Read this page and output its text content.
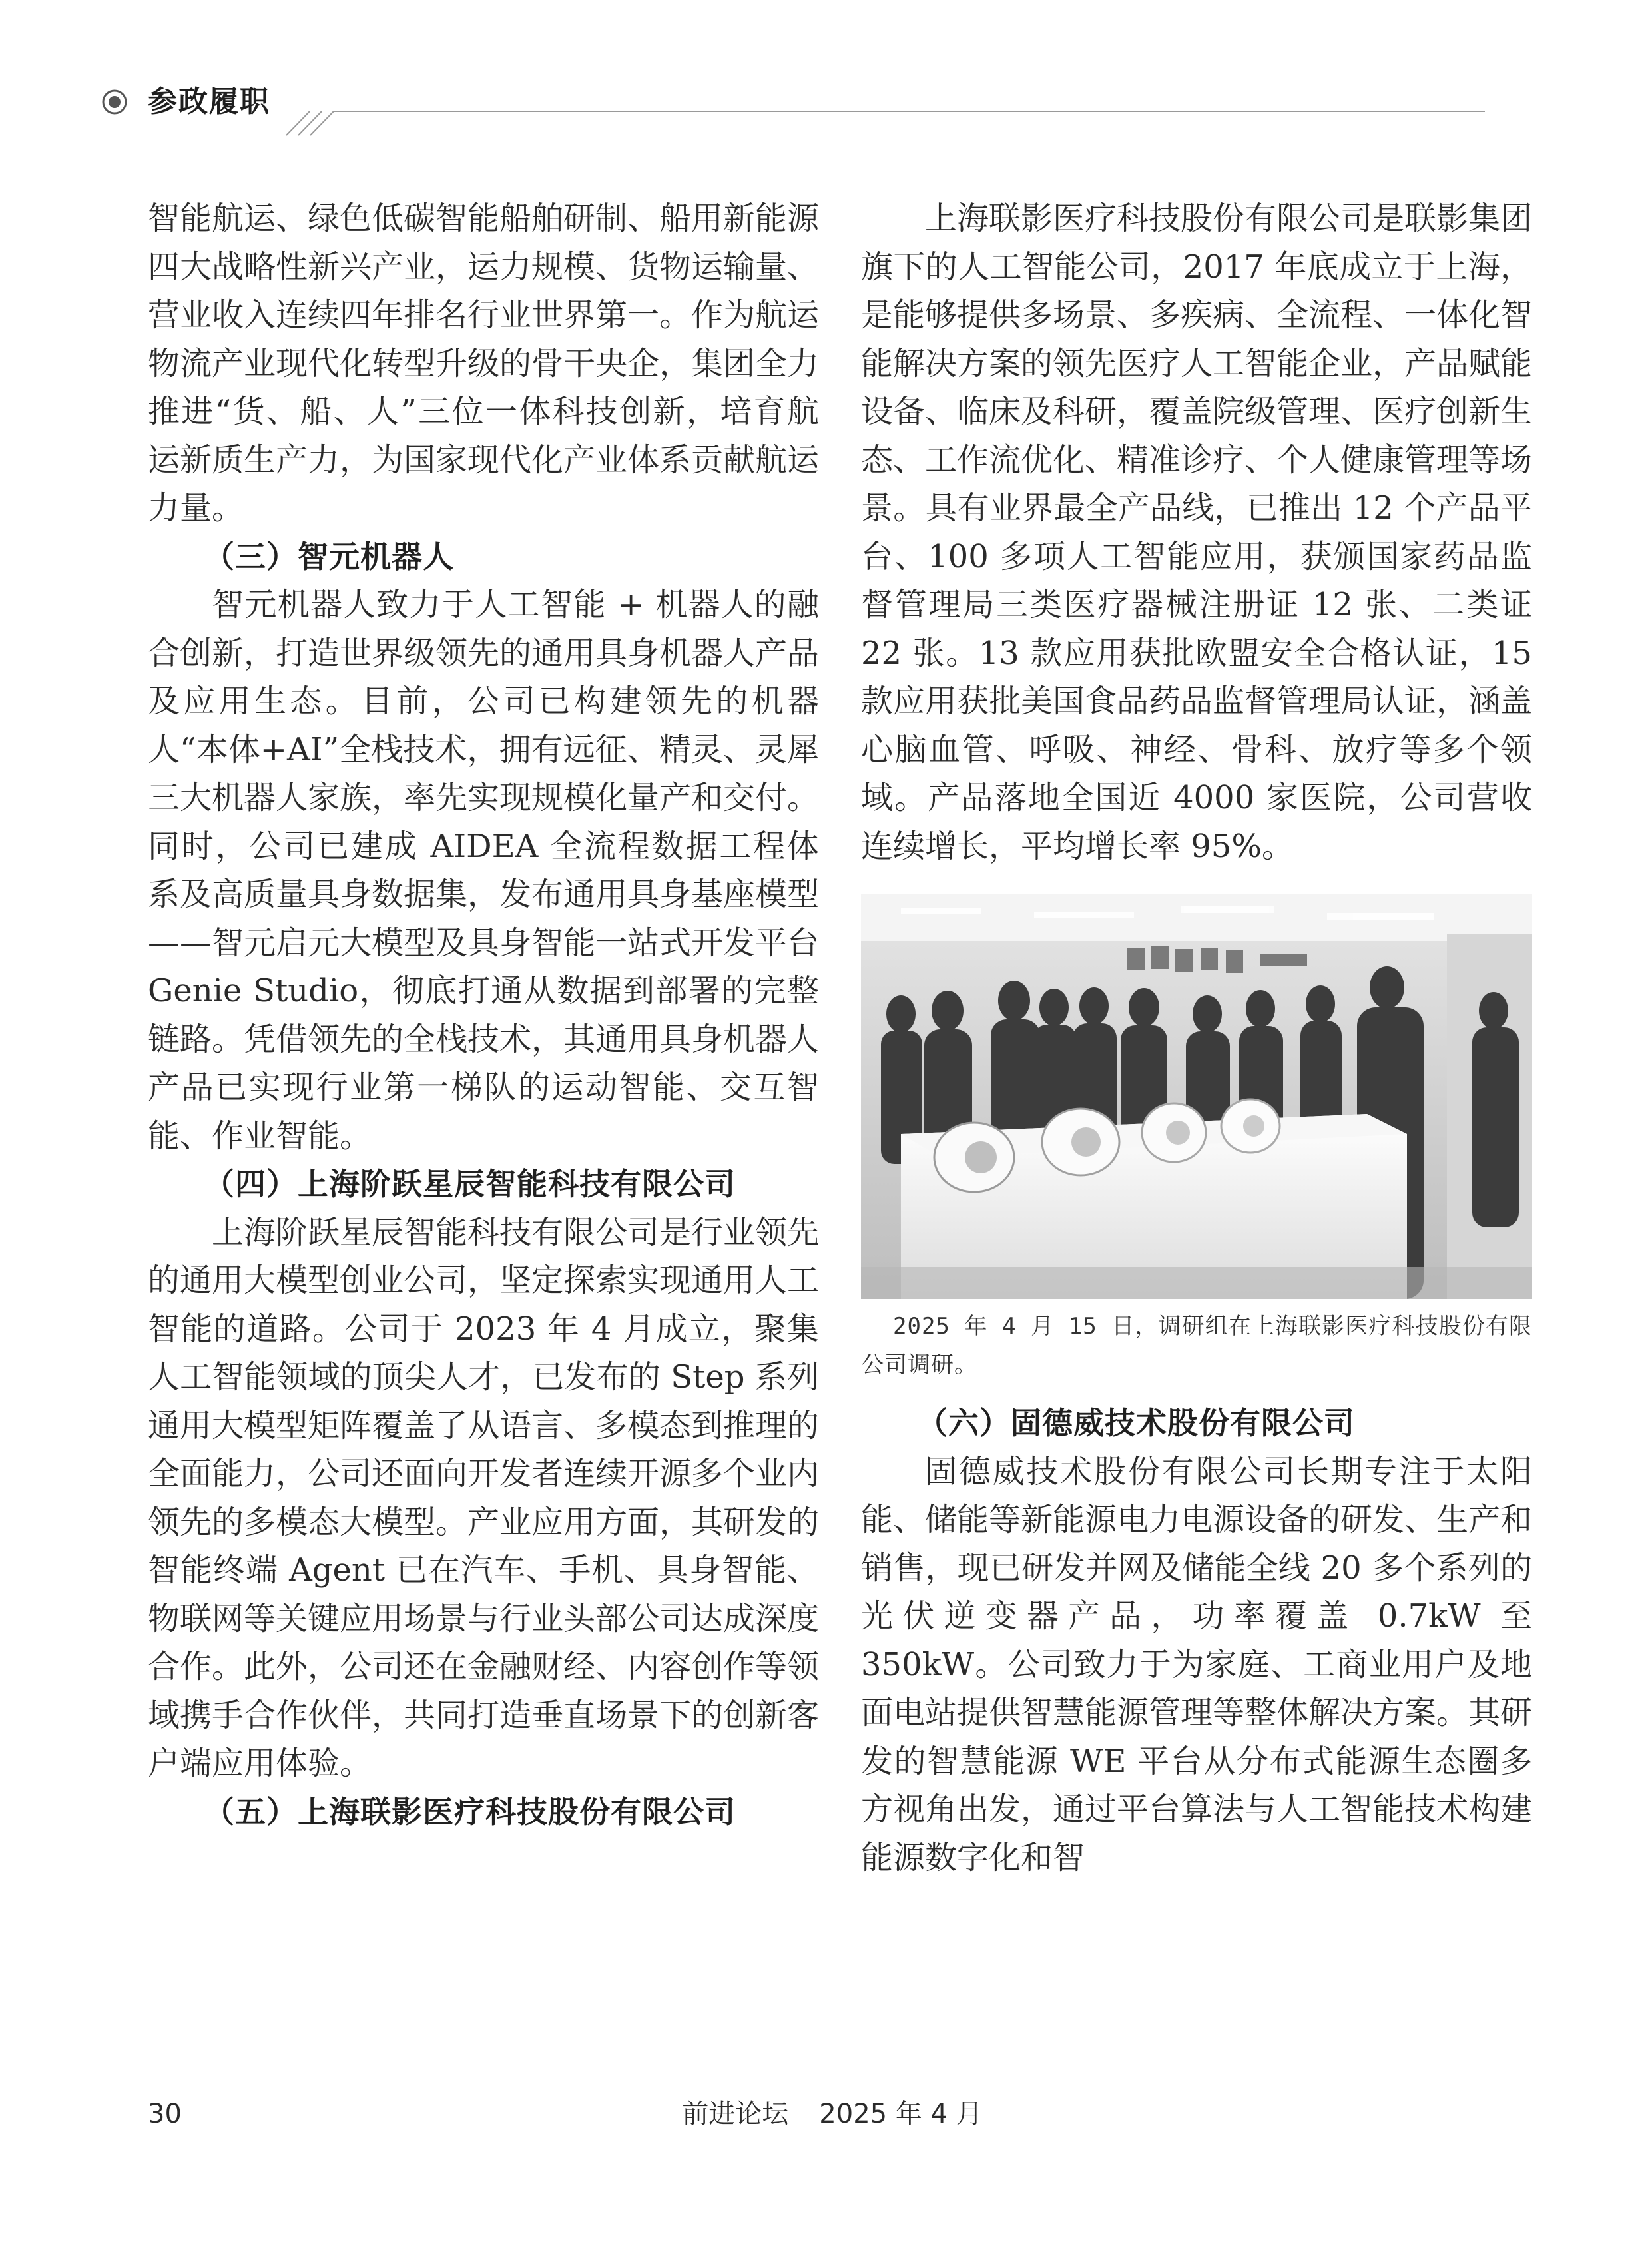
参政履职

智能航运、绿色低碳智能船舶研制、船用新能源四大战略性新兴产业，运力规模、货物运输量、营业收入连续四年排名行业世界第一。作为航运物流产业现代化转型升级的骨干央企，集团全力推进“货、船、人”三位一体科技创新，培育航运新质生产力，为国家现代化产业体系贡献航运力量。

（三）智元机器人

智元机器人致力于人工智能 + 机器人的融合创新，打造世界级领先的通用具身机器人产品及应用生态。目前，公司已构建领先的机器人“本体+AI”全栈技术，拥有远征、精灵、灵犀三大机器人家族，率先实现规模化量产和交付。同时，公司已建成 AIDEA 全流程数据工程体系及高质量具身数据集，发布通用具身基座模型——智元启元大模型及具身智能一站式开发平台 Genie Studio，彻底打通从数据到部署的完整链路。凭借领先的全栈技术，其通用具身机器人产品已实现行业第一梯队的运动智能、交互智能、作业智能。

（四）上海阶跃星辰智能科技有限公司

上海阶跃星辰智能科技有限公司是行业领先的通用大模型创业公司，坚定探索实现通用人工智能的道路。公司于 2023 年 4 月成立，聚集人工智能领域的顶尖人才，已发布的 Step 系列通用大模型矩阵覆盖了从语言、多模态到推理的全面能力，公司还面向开发者连续开源多个业内领先的多模态大模型。产业应用方面，其研发的智能终端 Agent 已在汽车、手机、具身智能、物联网等关键应用场景与行业头部公司达成深度合作。此外，公司还在金融财经、内容创作等领域携手合作伙伴，共同打造垂直场景下的创新客户端应用体验。

（五）上海联影医疗科技股份有限公司

上海联影医疗科技股份有限公司是联影集团旗下的人工智能公司，2017 年底成立于上海，是能够提供多场景、多疾病、全流程、一体化智能解决方案的领先医疗人工智能企业，产品赋能设备、临床及科研，覆盖院级管理、医疗创新生态、工作流优化、精准诊疗、个人健康管理等场景。具有业界最全产品线，已推出 12 个产品平台、100 多项人工智能应用，获颁国家药品监督管理局三类医疗器械注册证 12 张、二类证 22 张。13 款应用获批欧盟安全合格认证，15 款应用获批美国食品药品监督管理局认证，涵盖心脑血管、呼吸、神经、骨科、放疗等多个领域。产品落地全国近 4000 家医院，公司营收连续增长，平均增长率 95%。

2025 年 4 月 15 日，调研组在上海联影医疗科技股份有限公司调研。

（六）固德威技术股份有限公司

固德威技术股份有限公司长期专注于太阳能、储能等新能源电力电源设备的研发、生产和销售，现已研发并网及储能全线 20 多个系列的光伏逆变器产品，功率覆盖 0.7kW 至 350kW。公司致力于为家庭、工商业用户及地面电站提供智慧能源管理等整体解决方案。其研发的智慧能源 WE 平台从分布式能源生态圈多方视角出发，通过平台算法与人工智能技术构建能源数字化和智

30	前进论坛 2025 年 4 月
